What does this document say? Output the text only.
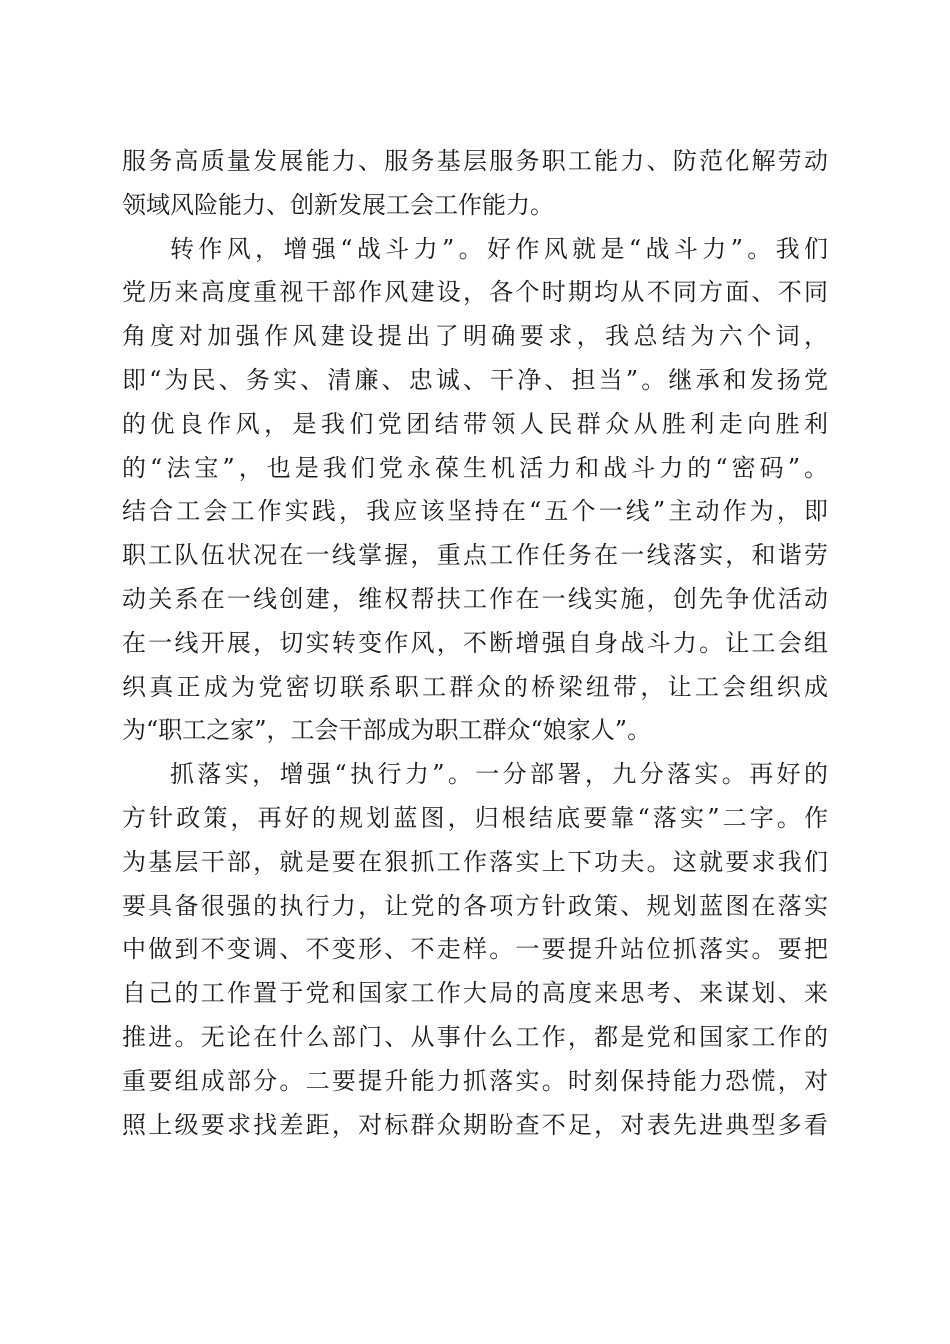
服务高质量发展能力、服务基层服务职工能力、防范化解劳动
领域风险能力、创新发展工会工作能力。
转作风，增强“战斗力”。好作风就是“战斗力”。我们
党历来高度重视干部作风建设，各个时期均从不同方面、不同
角度对加强作风建设提出了明确要求，我总结为六个词，
即“为民、务实、清廉、忠诚、干净、担当”。继承和发扬党
的优良作风，是我们党团结带领人民群众从胜利走向胜利
的“法宝”，也是我们党永葆生机活力和战斗力的“密码”。
结合工会工作实践，我应该坚持在“五个一线”主动作为，即
职工队伍状况在一线掌握，重点工作任务在一线落实，和谐劳
动关系在一线创建，维权帮扶工作在一线实施，创先争优活动
在一线开展，切实转变作风，不断增强自身战斗力。让工会组
织真正成为党密切联系职工群众的桥梁纽带，让工会组织成
为“职工之家”，工会干部成为职工群众“娘家人”。
抓落实，增强“执行力”。一分部署，九分落实。再好的
方针政策，再好的规划蓝图，归根结底要靠“落实”二字。作
为基层干部，就是要在狠抓工作落实上下功夫。这就要求我们
要具备很强的执行力，让党的各项方针政策、规划蓝图在落实
中做到不变调、不变形、不走样。一要提升站位抓落实。要把
自己的工作置于党和国家工作大局的高度来思考、来谋划、来
推进。无论在什么部门、从事什么工作，都是党和国家工作的
重要组成部分。二要提升能力抓落实。时刻保持能力恐慌，对
照上级要求找差距，对标群众期盼查不足，对表先进典型多看
